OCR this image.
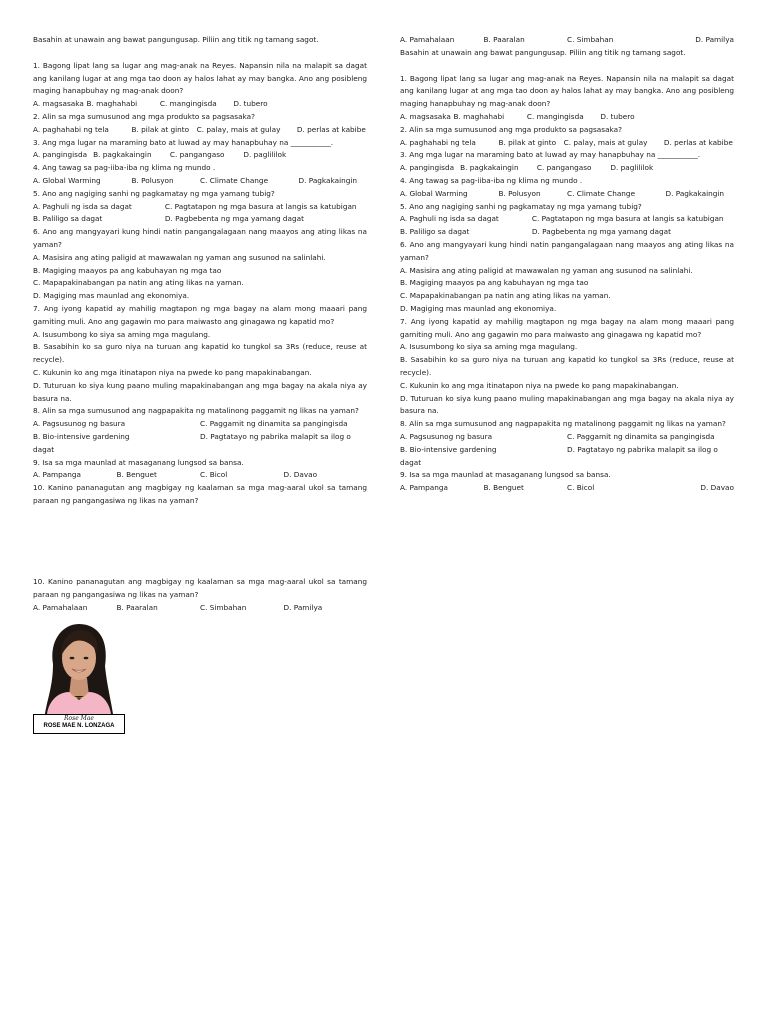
Basahin at unawain ang bawat pangungusap. Piliin ang titik ng tamang sagot.

1. Bagong lipat lang sa lugar ang mag-anak na Reyes. Napansin nila na malapit sa dagat ang kanilang lugar at ang mga tao doon ay halos lahat ay may bangka. Ano ang posibleng maging hanapbuhay ng mag-anak doon?

A. magsasaka B. maghahabi	C. mangingisda	D. tubero

2. Alin sa mga sumusunod ang mga produkto sa pagsasaka?

A. paghahabi ng tela	B. pilak at ginto	C. palay, mais at gulay	D. perlas at kabibe

3. Ang mga lugar na maraming bato at luwad ay may hanapbuhay na ___________.

A. pangingisda B. pagkakaingin	C. pangangaso	D. paglililok

4. Ang tawag sa pag-iiba-iba ng klima ng mundo .

A. Global Warming	B. Polusyon	C. Climate Change	D. Pagkakaingin

5. Ano ang nagiging sanhi ng pagkamatay ng mga yamang tubig?

A. Paghuli ng isda sa dagat	C. Pagtatapon ng mga basura at langis sa katubigan
B. Paliligo sa dagat	D. Pagbebenta ng mga yamang dagat

6. Ano ang mangyayari kung hindi natin pangangalagaan nang maayos ang ating likas na yaman?

A. Masisira ang ating paligid at mawawalan ng yaman ang susunod na salinlahi.

B. Magiging maayos pa ang kabuhayan ng mga tao

C. Mapapakinabangan pa natin ang ating likas na yaman.

D. Magiging mas maunlad ang ekonomiya.

7. Ang iyong kapatid ay mahilig magtapon ng mga bagay na alam mong maaari pang gamiting muli. Ano ang gagawin mo para maiwasto ang ginagawa ng kapatid mo?

A. Isusumbong ko siya sa aming mga magulang.

B. Sasabihin ko sa guro niya na turuan ang kapatid ko tungkol sa 3Rs (reduce, reuse at recycle).

C. Kukunin ko ang mga itinatapon niya na pwede ko pang mapakinabangan.

D. Tuturuan ko siya kung paano muling mapakinabangan ang mga bagay na akala niya ay basura na.

8. Alin sa mga sumusunod ang nagpapakita ng matalinong paggamit ng likas na yaman?

A. Pagsusunog ng basura	C. Paggamit ng dinamita sa pangingisda
B. Bio-intensive gardening	D. Pagtatayo ng pabrika malapit sa ilog o

dagat

9. Isa sa mga maunlad at masaganang lungsod sa bansa.

A. Pampanga	B. Benguet	C. Bicol	D. Davao

10. Kanino pananagutan ang magbigay ng kaalaman sa mga mag-aaral ukol sa tamang paraan ng pangangasiwa ng likas na yaman?

10. Kanino pananagutan ang magbigay ng kaalaman sa mga mag-aaral ukol sa tamang paraan ng pangangasiwa ng likas na yaman?

A. Pamahalaan	B. Paaralan	C. Simbahan	D. Pamilya
Rose Mae
ROSE MAE N. LONZAGA
A. Pamahalaan	B. Paaralan	C. Simbahan	D. Pamilya

Basahin at unawain ang bawat pangungusap. Piliin ang titik ng tamang sagot.

1. Bagong lipat lang sa lugar ang mag-anak na Reyes. Napansin nila na malapit sa dagat ang kanilang lugar at ang mga tao doon ay halos lahat ay may bangka. Ano ang posibleng maging hanapbuhay ng mag-anak doon?

A. magsasaka B. maghahabi	C. mangingisda	D. tubero

2. Alin sa mga sumusunod ang mga produkto sa pagsasaka?

A. paghahabi ng tela	B. pilak at ginto	C. palay, mais at gulay	D. perlas at kabibe

3. Ang mga lugar na maraming bato at luwad ay may hanapbuhay na ___________.

A. pangingisda B. pagkakaingin	C. pangangaso	D. paglililok

4. Ang tawag sa pag-iiba-iba ng klima ng mundo .

A. Global Warming	B. Polusyon	C. Climate Change	D. Pagkakaingin

5. Ano ang nagiging sanhi ng pagkamatay ng mga yamang tubig?

A. Paghuli ng isda sa dagat	C. Pagtatapon ng mga basura at langis sa katubigan
B. Paliligo sa dagat	D. Pagbebenta ng mga yamang dagat

6. Ano ang mangyayari kung hindi natin pangangalagaan nang maayos ang ating likas na yaman?

A. Masisira ang ating paligid at mawawalan ng yaman ang susunod na salinlahi.

B. Magiging maayos pa ang kabuhayan ng mga tao

C. Mapapakinabangan pa natin ang ating likas na yaman.

D. Magiging mas maunlad ang ekonomiya.

7. Ang iyong kapatid ay mahilig magtapon ng mga bagay na alam mong maaari pang gamiting muli. Ano ang gagawin mo para maiwasto ang ginagawa ng kapatid mo?

A. Isusumbong ko siya sa aming mga magulang.

B. Sasabihin ko sa guro niya na turuan ang kapatid ko tungkol sa 3Rs (reduce, reuse at recycle).

C. Kukunin ko ang mga itinatapon niya na pwede ko pang mapakinabangan.

D. Tuturuan ko siya kung paano muling mapakinabangan ang mga bagay na akala niya ay basura na.

8. Alin sa mga sumusunod ang nagpapakita ng matalinong paggamit ng likas na yaman?

A. Pagsusunog ng basura	C. Paggamit ng dinamita sa pangingisda
B. Bio-intensive gardening	D. Pagtatayo ng pabrika malapit sa ilog o

dagat

9. Isa sa mga maunlad at masaganang lungsod sa bansa.

A. Pampanga	B. Benguet	C. Bicol	D. Davao
